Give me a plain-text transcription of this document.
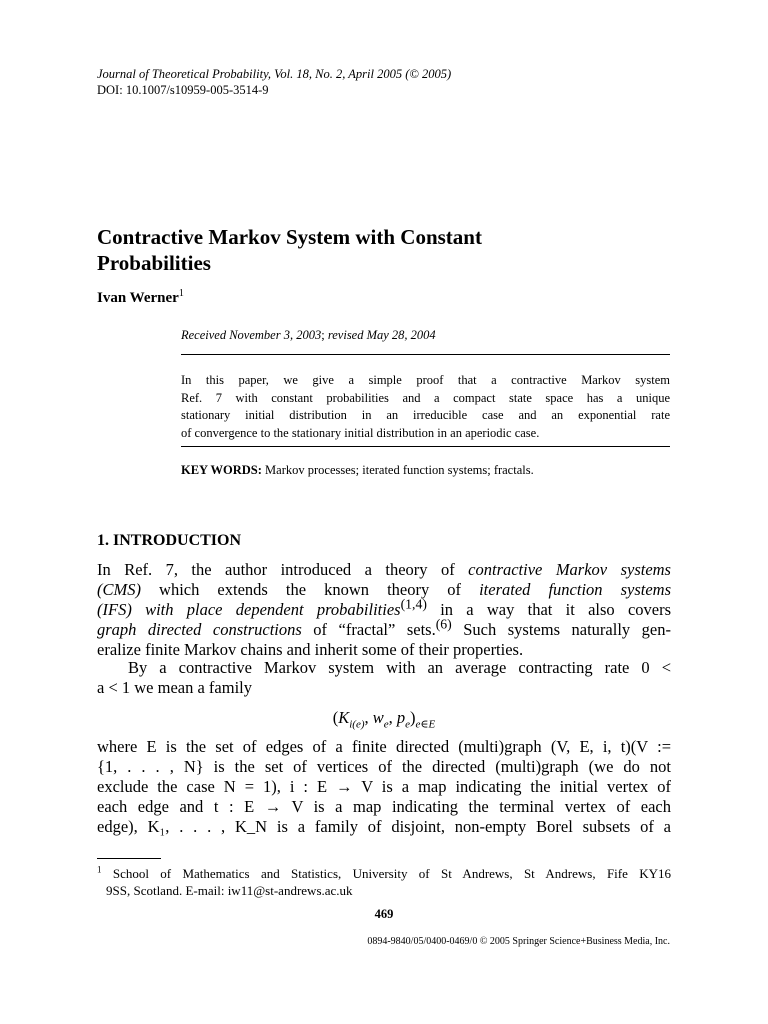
Journal of Theoretical Probability, Vol. 18, No. 2, April 2005 (© 2005)
DOI: 10.1007/s10959-005-3514-9
Contractive Markov System with Constant
Probabilities
Ivan Werner$^1$
Received November 3, 2003; revised May 28, 2004
In this paper, we give a simple proof that a contractive Markov system
Ref. 7 with constant probabilities and a compact state space has a unique
stationary initial distribution in an irreducible case and an exponential rate
of convergence to the stationary initial distribution in an aperiodic case.
KEY WORDS: Markov processes; iterated function systems; fractals.
1. INTRODUCTION
In Ref. 7, the author introduced a theory of contractive Markov systems
(CMS) which extends the known theory of iterated function systems
(IFS) with place dependent probabilities$^{(1,4)}$ in a way that it also covers
graph directed constructions of “fractal” sets.$^{(6)}$ Such systems naturally gen-
eralize finite Markov chains and inherit some of their properties.
By a contractive Markov system with an average contracting rate 0 <
a < 1 we mean a family
($K_{i(e)}$, $w_e$, $p_e)_{e\in E}$
where E is the set of edges of a finite directed (multi)graph (V, E, i, t)(V :=
{1, . . . , N} is the set of vertices of the directed (multi)graph (we do not
exclude the case N = 1), i : E → V is a map indicating the initial vertex of
each edge and t : E → V is a map indicating the terminal vertex of each
edge), K₁, . . . , K_N is a family of disjoint, non-empty Borel subsets of a
$^1$ School of Mathematics and Statistics, University of St Andrews, St Andrews, Fife KY16
9SS, Scotland. E-mail: iw11@st-andrews.ac.uk
469
0894-9840/05/0400-0469/0 © 2005 Springer Science+Business Media, Inc.
